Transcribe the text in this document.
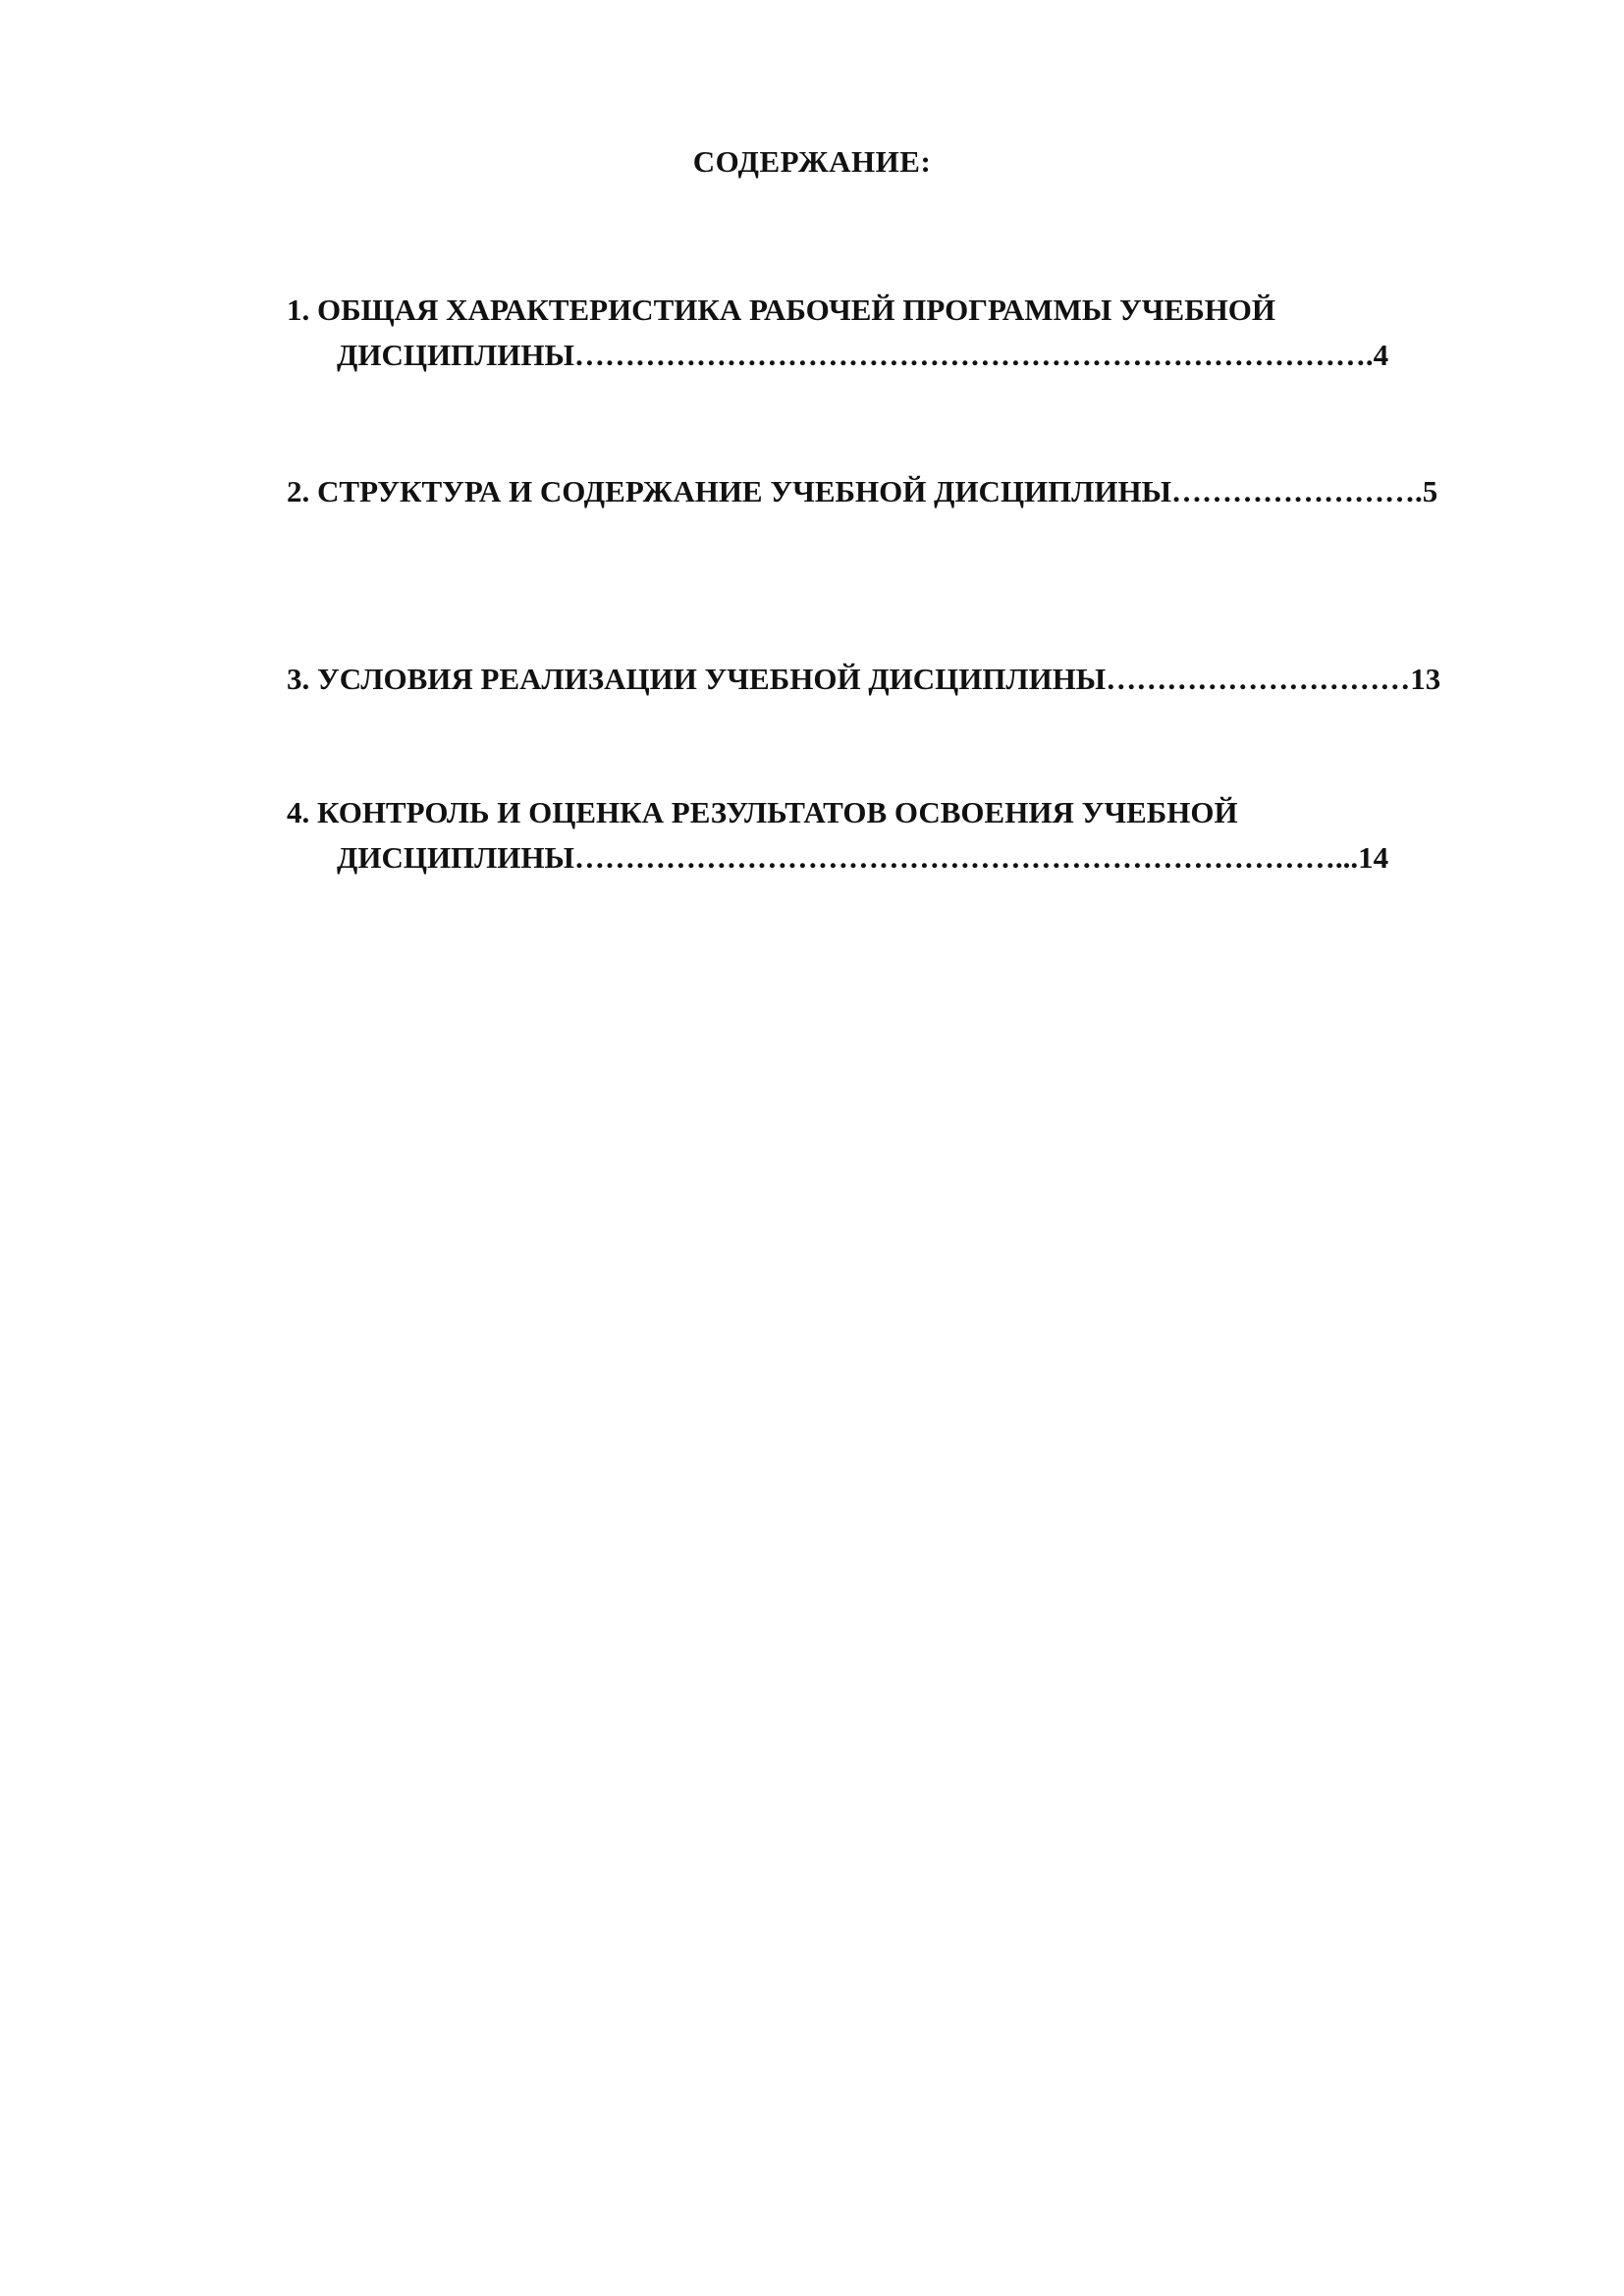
СОДЕРЖАНИЕ:
1. ОБЩАЯ ХАРАКТЕРИСТИКА РАБОЧЕЙ ПРОГРАММЫ УЧЕБНОЙ
ДИСЦИПЛИНЫ…………………………………………………………………….4
2. СТРУКТУРА И СОДЕРЖАНИЕ УЧЕБНОЙ ДИСЦИПЛИНЫ…………………….5
3. УСЛОВИЯ РЕАЛИЗАЦИИ УЧЕБНОЙ ДИСЦИПЛИНЫ…………………………13
4. КОНТРОЛЬ И ОЦЕНКА РЕЗУЛЬТАТОВ ОСВОЕНИЯ УЧЕБНОЙ
ДИСЦИПЛИНЫ…………………………………………………………………...14
